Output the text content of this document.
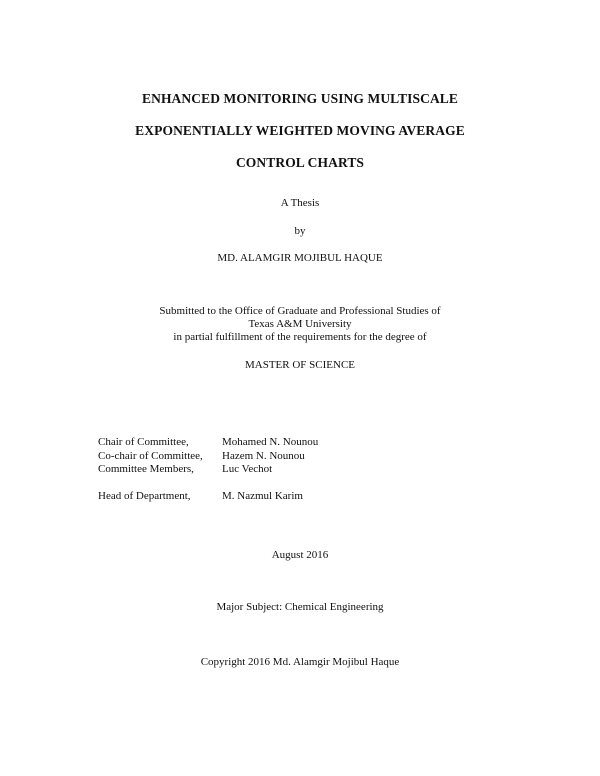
ENHANCED MONITORING USING MULTISCALE
EXPONENTIALLY WEIGHTED MOVING AVERAGE
CONTROL CHARTS
A Thesis
by
MD. ALAMGIR MOJIBUL HAQUE
Submitted to the Office of Graduate and Professional Studies of
Texas A&M University
in partial fulfillment of the requirements for the degree of
MASTER OF SCIENCE
Chair of Committee,	Mohamed N. Nounou
Co-chair of Committee, Hazem N. Nounou
Committee Members,	Luc Vechot
Head of Department,	M. Nazmul Karim
August 2016
Major Subject: Chemical Engineering
Copyright 2016 Md. Alamgir Mojibul Haque
